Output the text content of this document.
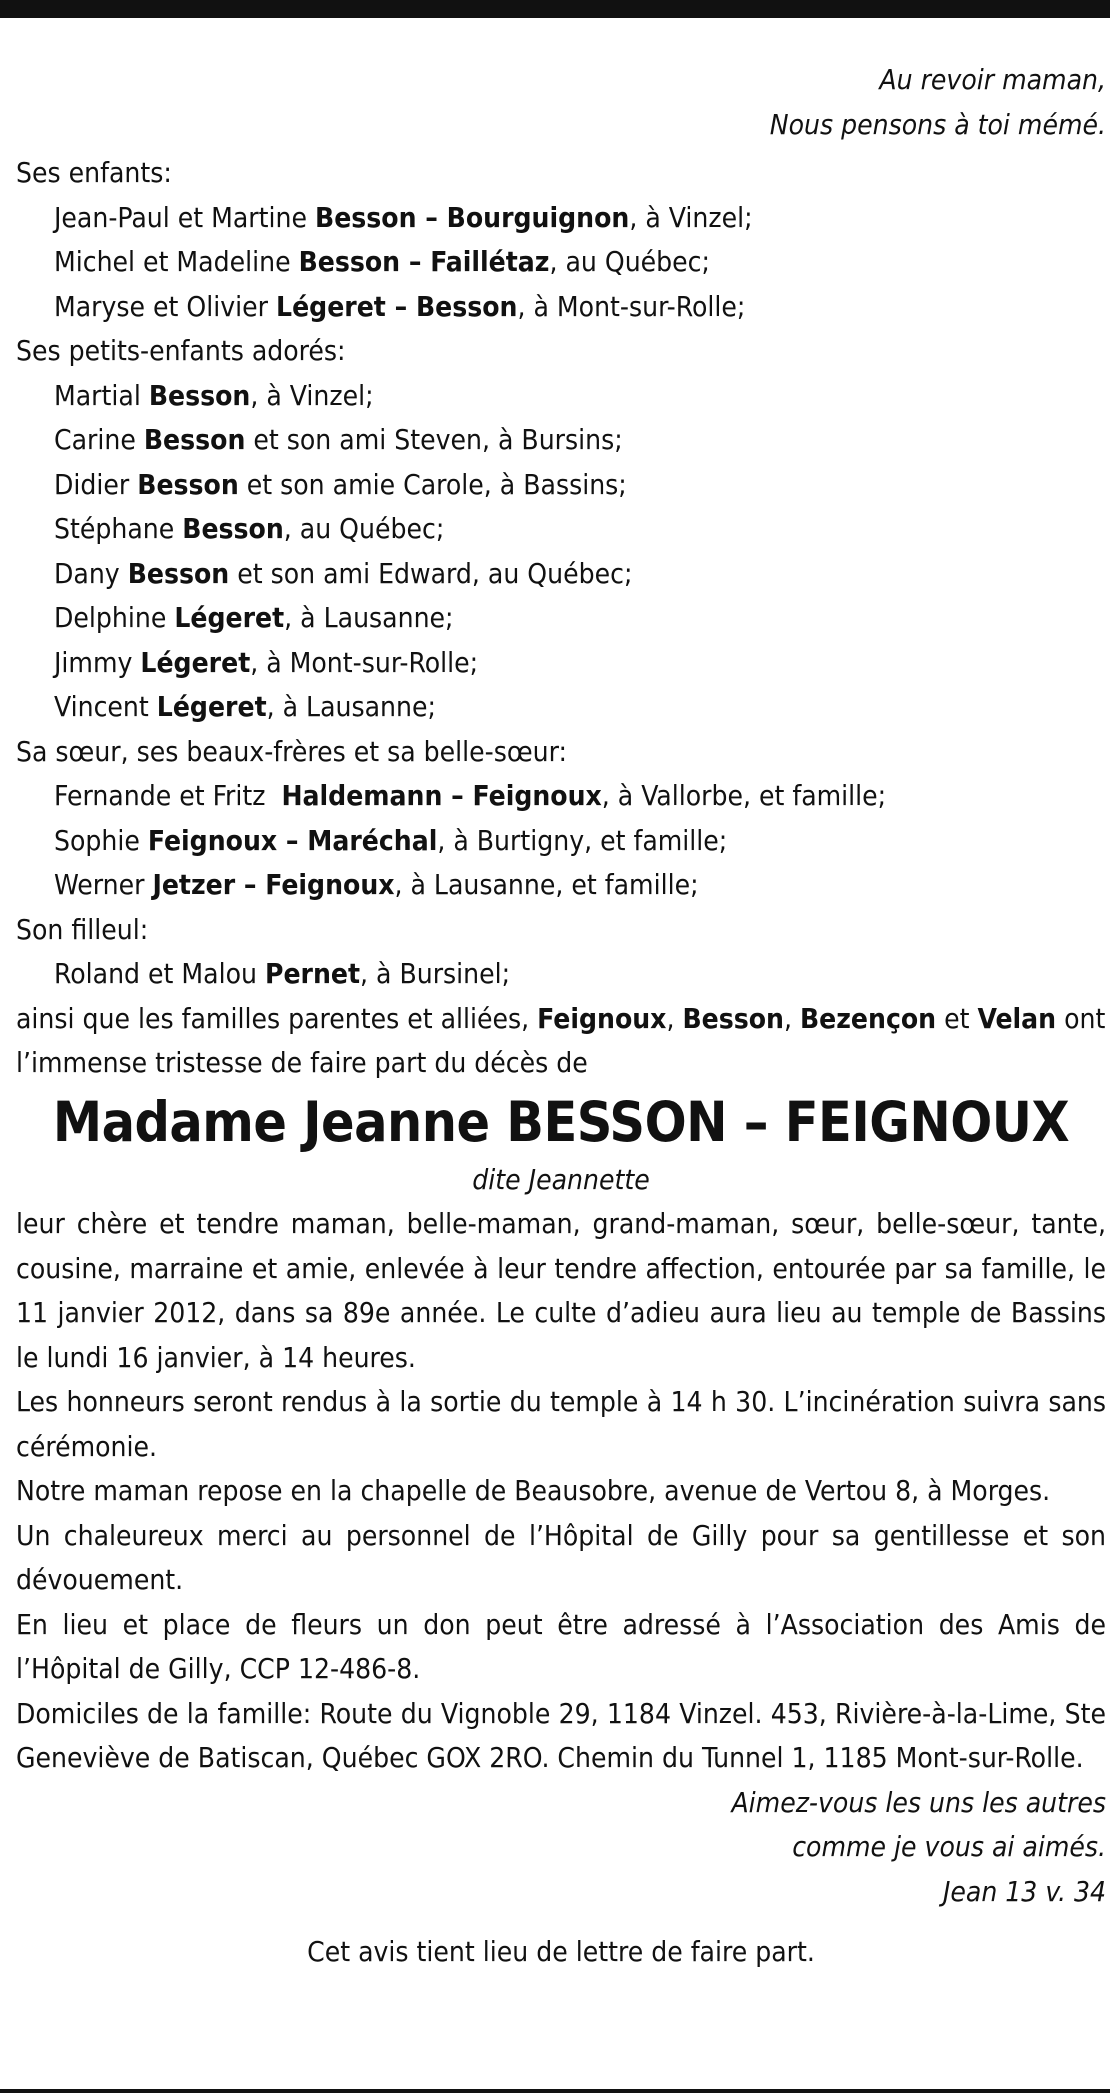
Au revoir maman,

Nous pensons à toi mémé.

Ses enfants:

Jean-Paul et Martine Besson – Bourguignon, à Vinzel;

Michel et Madeline Besson – Faillétaz, au Québec;

Maryse et Olivier Légeret – Besson, à Mont-sur-Rolle;

Ses petits-enfants adorés:

Martial Besson, à Vinzel;

Carine Besson et son ami Steven, à Bursins;

Didier Besson et son amie Carole, à Bassins;

Stéphane Besson, au Québec;

Dany Besson et son ami Edward, au Québec;

Delphine Légeret, à Lausanne;

Jimmy Légeret, à Mont-sur-Rolle;

Vincent Légeret, à Lausanne;

Sa sœur, ses beaux-frères et sa belle-sœur:

Fernande et Fritz  Haldemann – Feignoux, à Vallorbe, et famille;

Sophie Feignoux – Maréchal, à Burtigny, et famille;

Werner Jetzer – Feignoux, à Lausanne, et famille;

Son filleul:

Roland et Malou Pernet, à Bursinel;

ainsi que les familles parentes et alliées, Feignoux, Besson, Bezençon et Velan ont l’immense tristesse de faire part du décès de

Madame Jeanne BESSON – FEIGNOUX

dite Jeannette

leur chère et tendre maman, belle-maman, grand-maman, sœur, belle-sœur, tante, cousine, marraine et amie, enlevée à leur tendre affection, entourée par sa famille, le 11 janvier 2012, dans sa 89e année. Le culte d’adieu aura lieu au temple de Bassins le lundi 16 janvier, à 14 heures.

Les honneurs seront rendus à la sortie du temple à 14 h 30. L’incinération suivra sans cérémonie.

Notre maman repose en la chapelle de Beausobre, avenue de Vertou 8, à Morges.

Un chaleureux merci au personnel de l’Hôpital de Gilly pour sa gentillesse et son dévouement.

En lieu et place de fleurs un don peut être adressé à l’Association des Amis de l’Hôpital de Gilly, CCP 12-486-8.

Domiciles de la famille: Route du Vignoble 29, 1184 Vinzel. 453, Rivière-à-la-Lime, Ste Geneviève de Batiscan, Québec GOX 2RO. Chemin du Tunnel 1, 1185 Mont-sur-Rolle.

Aimez-vous les uns les autres

comme je vous ai aimés.

Jean 13 v. 34

Cet avis tient lieu de lettre de faire part.
